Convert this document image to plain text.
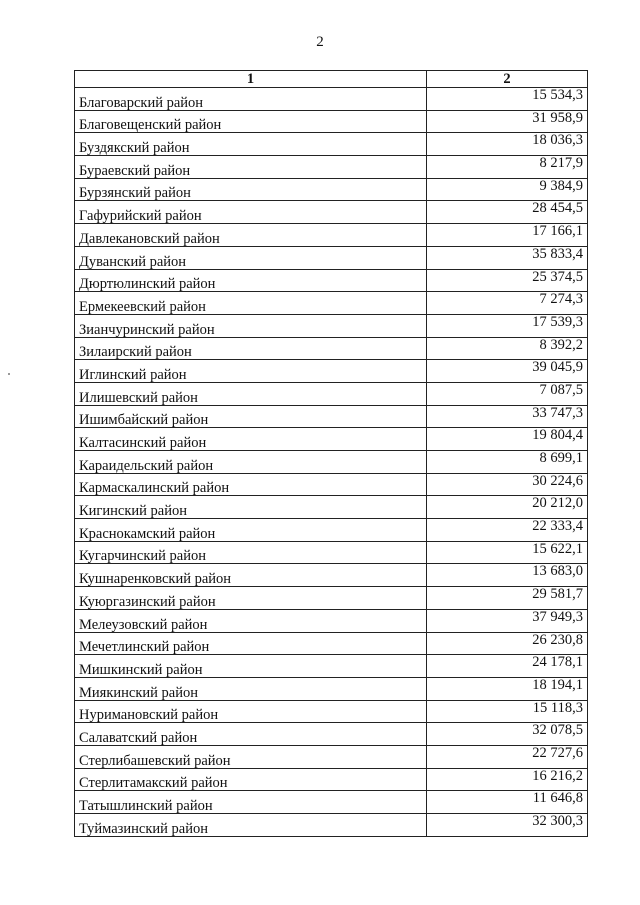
2
1	2
Благоварский район	15 534,3
Благовещенский район	31 958,9
Буздякский район	18 036,3
Бураевский район	8 217,9
Бурзянский район	9 384,9
Гафурийский район	28 454,5
Давлекановский район	17 166,1
Дуванский район	35 833,4
Дюртюлинский район	25 374,5
Ермекеевский район	7 274,3
Зианчуринский район	17 539,3
Зилаирский район	8 392,2
Иглинский район	39 045,9
Илишевский район	7 087,5
Ишимбайский район	33 747,3
Калтасинский район	19 804,4
Караидельский район	8 699,1
Кармаскалинский район	30 224,6
Кигинский район	20 212,0
Краснокамский район	22 333,4
Кугарчинский район	15 622,1
Кушнаренковский район	13 683,0
Куюргазинский район	29 581,7
Мелеузовский район	37 949,3
Мечетлинский район	26 230,8
Мишкинский район	24 178,1
Миякинский район	18 194,1
Нуримановский район	15 118,3
Салаватский район	32 078,5
Стерлибашевский район	22 727,6
Стерлитамакский район	16 216,2
Татышлинский район	11 646,8
Туймазинский район	32 300,3
